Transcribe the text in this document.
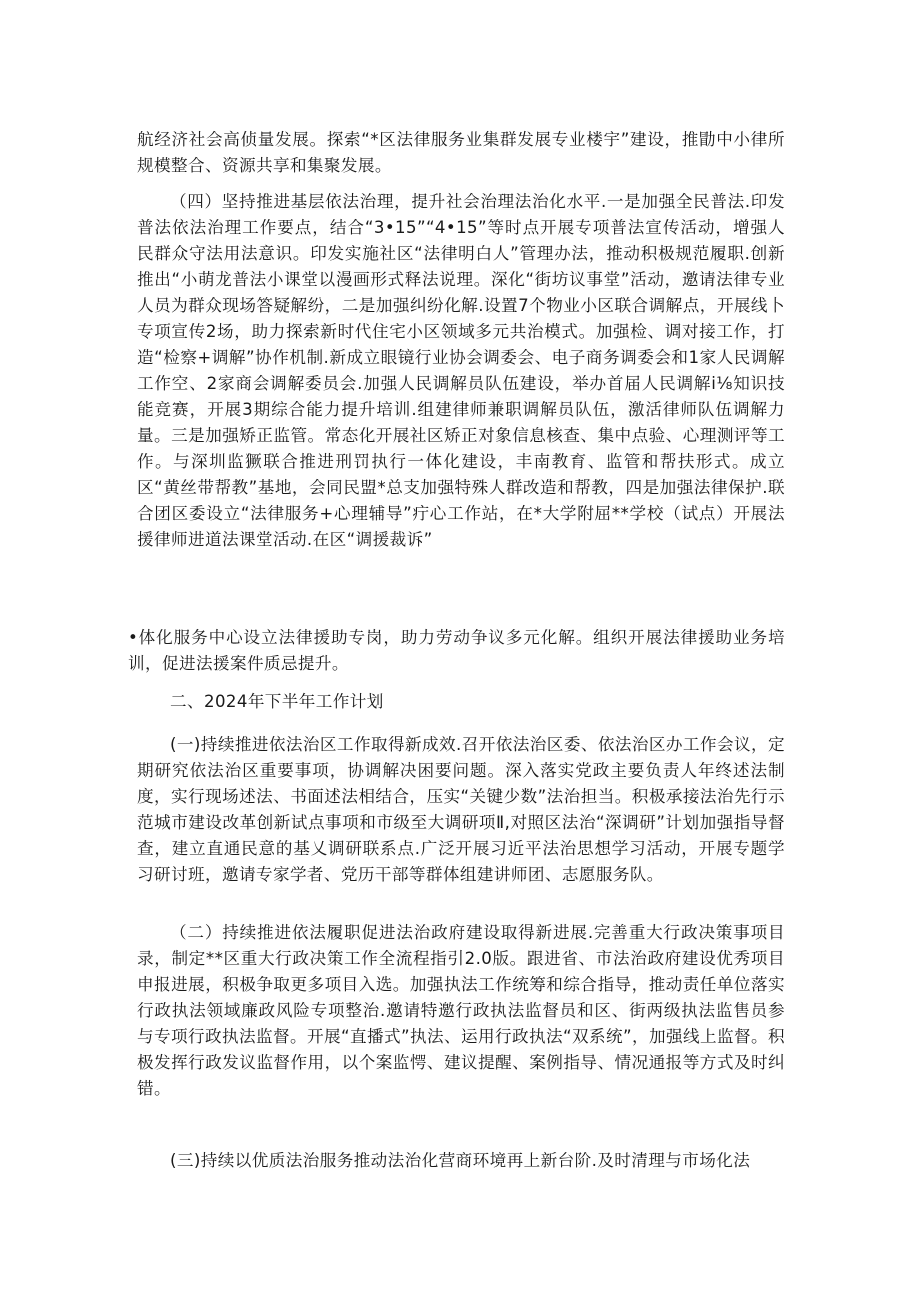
航经济社会高侦量发展。探索“*区法律服务业集群发展专业楼宇”建设，推勖中小律所规模整合、资源共享和集聚发展。

（四）坚持推进基层依法治理，提升社会治理法治化水平.一是加强全民普法.印发普法依法治理工作要点，结合“3•15”“4•15”等时点开展专项普法宣传活动，增强人民群众守法用法意识。印发实施社区“法律明白人”管理办法，推动积极规范履职.创新推出“小萌龙普法小课堂以漫画形式释法说理。深化“街坊议事堂”活动，邀请法律专业人员为群众现场答疑解纷，二是加强纠纷化解.设置7个物业小区联合调解点，开展线卜专项宣传2场，助力探索新时代住宅小区领域多元共治模式。加强检、调对接工作，打造“检察+调解”协作机制.新成立眼镜行业协会调委会、电子商务调委会和1家人民调解工作空、2家商会调解委员会.加强人民调解员队伍建设，举办首届人民调解i⅛知识技能竞赛，开展3期综合能力提升培训.组建律师兼职调解员队伍，激活律师队伍调解力量。三是加强矫正监管。常态化开展社区矫正对象信息核查、集中点验、心理测评等工作。与深圳监獗联合推进刑罚执行一体化建设，丰南教育、监管和帮扶形式。成立区“黄丝带帮教”基地，会同民盟*总支加强特殊人群改造和帮教，四是加强法律保护.联合团区委设立“法律服务+心理辅导”疔心工作站，在*大学附屈**学校（试点）开展法援律师进道法课堂活动.在区“调援裁诉”

•体化服务中心设立法律援助专岗，助力劳动争议多元化解。组织开展法律援助业务培训，促进法援案件质忌提升。

二、2024年下半年工作计划

(一)持续推进依法治区工作取得新成效.召开依法治区委、依法治区办工作会议，定期研究依法治区重要事项，协调解决困要问题。深入落实党政主要负责人年终述法制度，实行现场述法、书面述法相结合，压实“关键少数”法治担当。积极承接法治先行示范城市建设改革创新试点事项和市级至大调研项Ⅱ,对照区法治“深调研”计划加强指导督查，建立直通民意的基乂调研联系点.广泛开展习近平法治思想学习活动，开展专题学习研讨班，邀请专家学者、党历干部等群体组建讲师团、志愿服务队。

（二）持续推进依法履职促进法治政府建设取得新进展.完善重大行政决策事项目录，制定**区重大行政决策工作全流程指引2.0版。跟进省、市法治政府建设优秀项目申报进展，积极争取更多项目入选。加强执法工作统筹和综合指导，推动责任单位落实行政执法领域廉政风险专项整治.邀请特邀行政执法监督员和区、街两级执法监售员参与专项行政执法监督。开展“直播式”执法、运用行政执法“双系统”，加强线上监督。积极发挥行政发议监督作用，以个案监愕、建议提醒、案例指导、情况通报等方式及时纠错。

(三)持续以优质法治服务推动法治化营商环境再上新台阶.及时清理与市场化法
